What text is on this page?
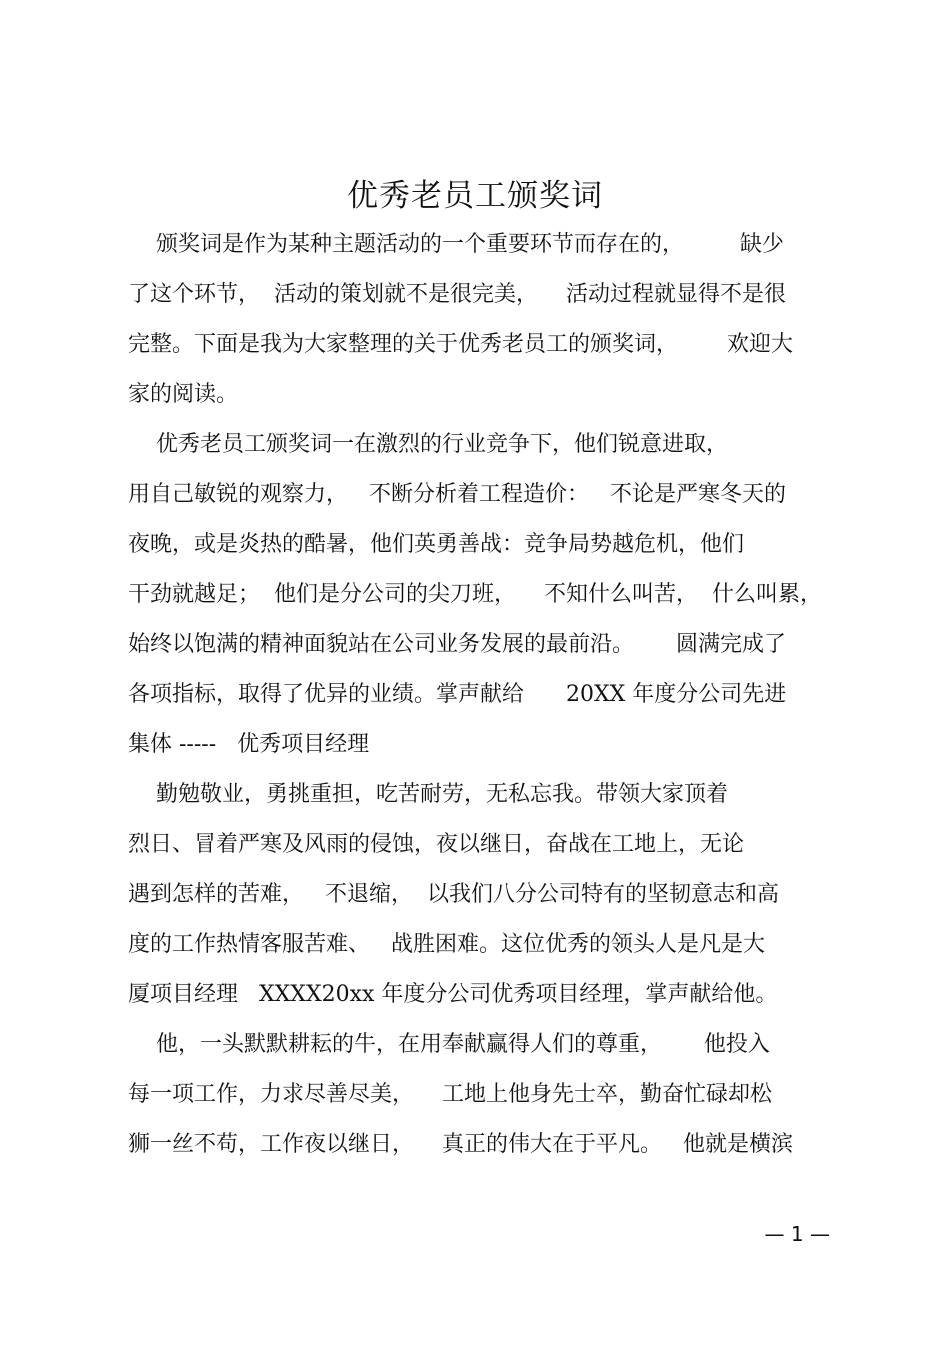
优秀老员工颁奖词
颁奖词是作为某种主题活动的一个重要环节而存在的，        缺少
了这个环节，  活动的策划就不是很完美，    活动过程就显得不是很
完整。下面是我为大家整理的关于优秀老员工的颁奖词，       欢迎大
家的阅读。
优秀老员工颁奖词一在激烈的行业竞争下，他们锐意进取，
用自己敏锐的观察力，   不断分析着工程造价：   不论是严寒冬天的
夜晚，或是炎热的酷暑，他们英勇善战：竞争局势越危机，他们
干劲就越足；  他们是分公司的尖刀班，    不知什么叫苦，  什么叫累，
始终以饱满的精神面貌站在公司业务发展的最前沿。      圆满完成了
各项指标，取得了优异的业绩。掌声献给      20XX 年度分公司先进
集体 -----   优秀项目经理
勤勉敬业，勇挑重担，吃苦耐劳，无私忘我。带领大家顶着
烈日、冒着严寒及风雨的侵蚀，夜以继日，奋战在工地上，无论
遇到怎样的苦难，   不退缩，  以我们八分公司特有的坚韧意志和高
度的工作热情客服苦难、   战胜困难。这位优秀的领头人是凡是大
厦项目经理   XXXX20xx 年度分公司优秀项目经理，掌声献给他。
他，一头默默耕耘的牛，在用奉献赢得人们的尊重，      他投入
每一项工作，力求尽善尽美，    工地上他身先士卒，勤奋忙碌却松
狮一丝不苟，工作夜以继日，    真正的伟大在于平凡。   他就是横滨
— 1 —
